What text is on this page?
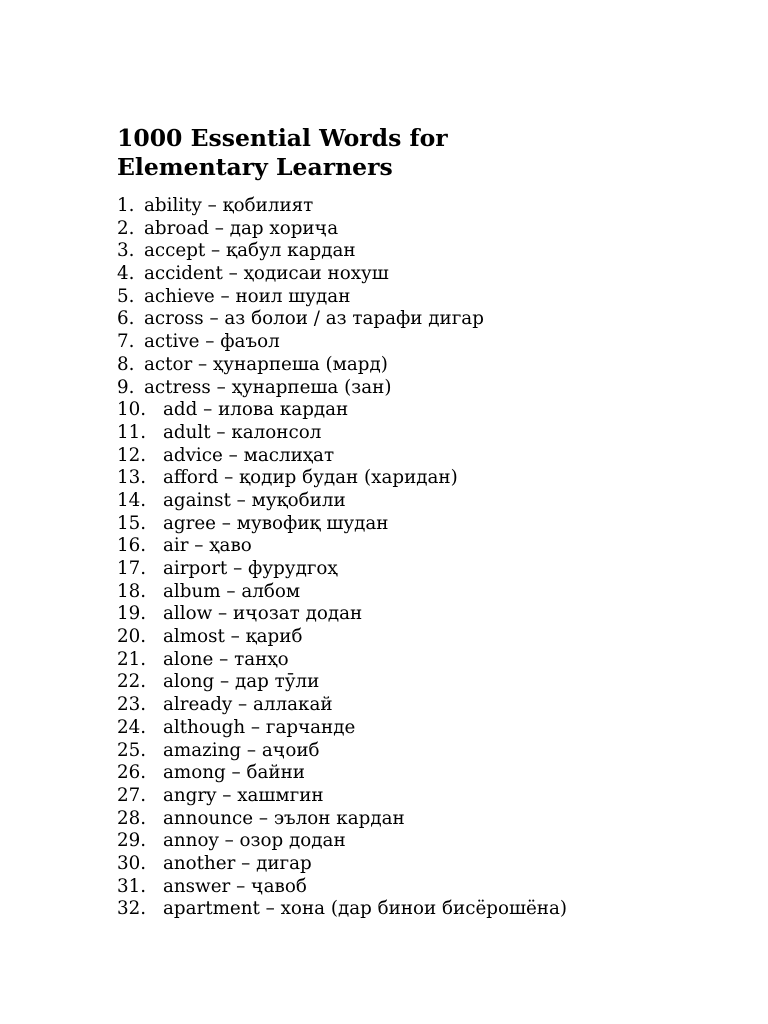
1000 Essential Words for
Elementary Learners
1. ability – қобилият
2. abroad – дар хориҷа
3. accept – қабул кардан
4. accident – ҳодисаи нохуш
5. achieve – ноил шудан
6. across – аз болои / аз тарафи дигар
7. active – фаъол
8. actor – ҳунарпеша (мард)
9. actress – ҳунарпеша (зан)
10. add – илова кардан
11. adult – калонсол
12. advice – маслиҳат
13. afford – қодир будан (харидан)
14. against – муқобили
15. agree – мувофиқ шудан
16. air – ҳаво
17. airport – фурудгоҳ
18. album – албом
19. allow – иҷозат додан
20. almost – қариб
21. alone – танҳо
22. along – дар тӯли
23. already – аллакай
24. although – гарчанде
25. amazing – аҷоиб
26. among – байни
27. angry – хашмгин
28. announce – эълон кардан
29. annoy – озор додан
30. another – дигар
31. answer – ҷавоб
32. apartment – хона (дар бинои бисёрошёна)
